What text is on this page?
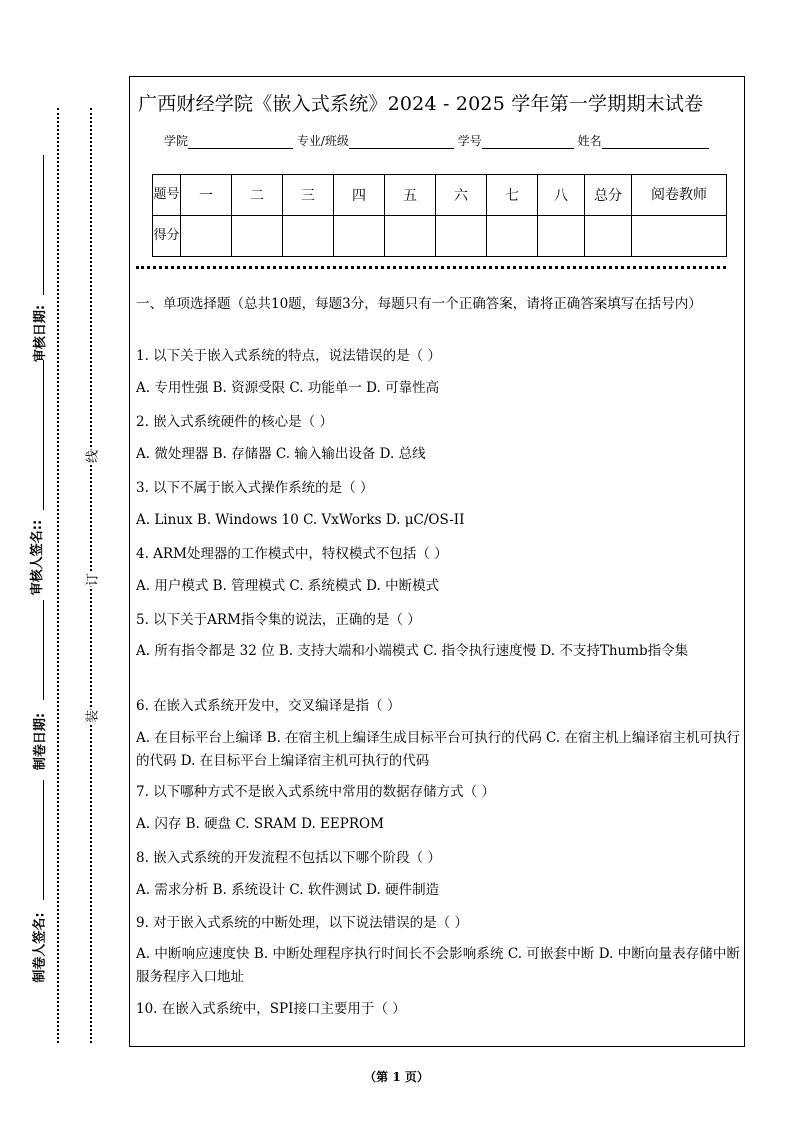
审核日期:
审核人签名::
制卷日期:
制卷人签名:
线
订
装
广西财经学院《嵌入式系统》2024 - 2025 学年第一学期期末试卷
学院	专业/班级	学号	姓名
题号	一	二	三	四	五	六	七	八	总分	阅卷教师
得分										
一、单项选择题（总共10题，每题3分，每题只有一个正确答案，请将正确答案填写在括号内）
1. 以下关于嵌入式系统的特点，说法错误的是（ ）
A. 专用性强 B. 资源受限 C. 功能单一 D. 可靠性高
2. 嵌入式系统硬件的核心是（ ）
A. 微处理器 B. 存储器 C. 输入输出设备 D. 总线
3. 以下不属于嵌入式操作系统的是（ ）
A. Linux B. Windows 10 C. VxWorks D. μC/OS-II
4. ARM处理器的工作模式中，特权模式不包括（ ）
A. 用户模式 B. 管理模式 C. 系统模式 D. 中断模式
5. 以下关于ARM指令集的说法，正确的是（ ）
A. 所有指令都是 32 位 B. 支持大端和小端模式 C. 指令执行速度慢 D. 不支持Thumb指令集
6. 在嵌入式系统开发中，交叉编译是指（ ）
A. 在目标平台上编译 B. 在宿主机上编译生成目标平台可执行的代码 C. 在宿主机上编译宿主机可执行的代码 D. 在目标平台上编译宿主机可执行的代码
7. 以下哪种方式不是嵌入式系统中常用的数据存储方式（ ）
A. 闪存 B. 硬盘 C. SRAM D. EEPROM
8. 嵌入式系统的开发流程不包括以下哪个阶段（ ）
A. 需求分析 B. 系统设计 C. 软件测试 D. 硬件制造
9. 对于嵌入式系统的中断处理，以下说法错误的是（ ）
A. 中断响应速度快 B. 中断处理程序执行时间长不会影响系统 C. 可嵌套中断 D. 中断向量表存储中断服务程序入口地址
10. 在嵌入式系统中，SPI接口主要用于（ ）
（第 1 页）
